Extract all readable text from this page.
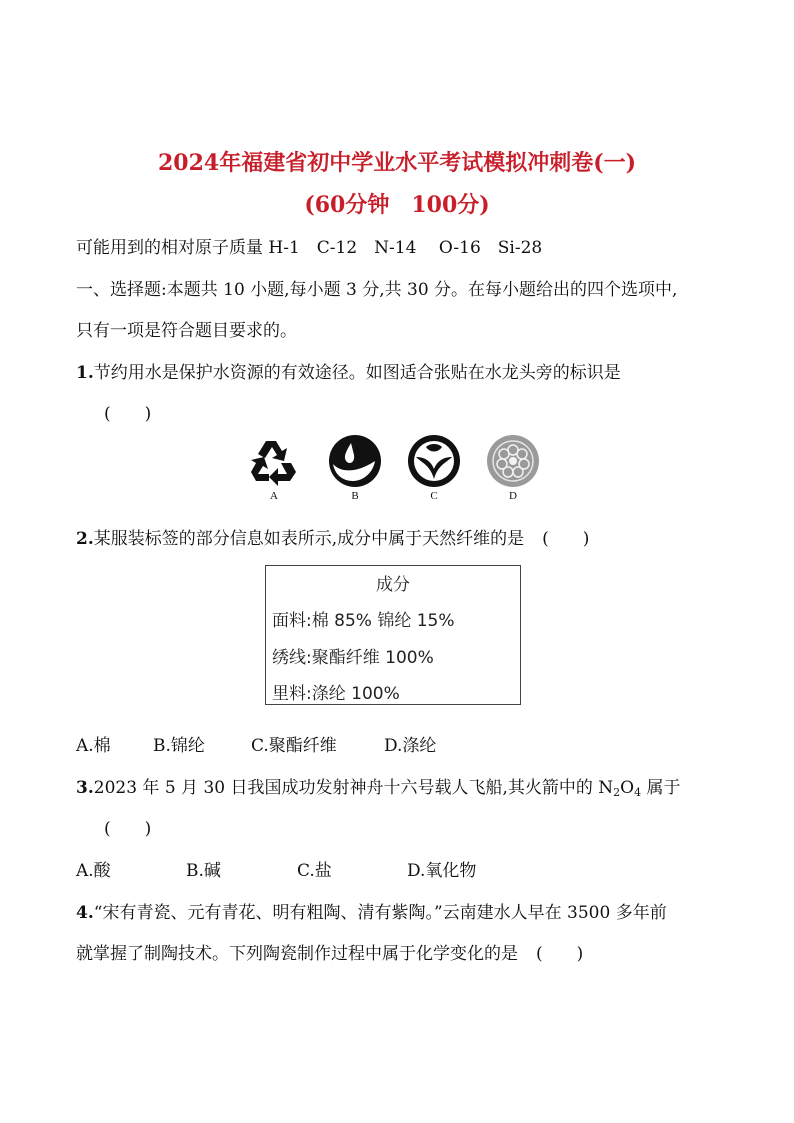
2024年福建省初中学业水平考试模拟冲刺卷(一)
(60分钟　100分)
可能用到的相对原子质量 H-1　C-12　N-14　 O-16　Si-28
一、选择题:本题共 10 小题,每小题 3 分,共 30 分。在每小题给出的四个选项中,
只有一项是符合题目要求的。
1.节约用水是保护水资源的有效途径。如图适合张贴在水龙头旁的标识是
(　　)
A	B	C	D
2.某服装标签的部分信息如表所示,成分中属于天然纤维的是 (　　)
成分
面料:棉 85% 锦纶 15%
绣线:聚酯纤维 100%
里料:涤纶 100%
A.棉 B.锦纶	C.聚酯纤维	D.涤纶
3.2023 年 5 月 30 日我国成功发射神舟十六号载人飞船,其火箭中的 $N_2O_4$ 属于
(　　)
A.酸	B.碱	C.盐	D.氧化物
4.“宋有青瓷、元有青花、明有粗陶、清有紫陶。”云南建水人早在 3500 多年前
就掌握了制陶技术。下列陶瓷制作过程中属于化学变化的是 (　　)
